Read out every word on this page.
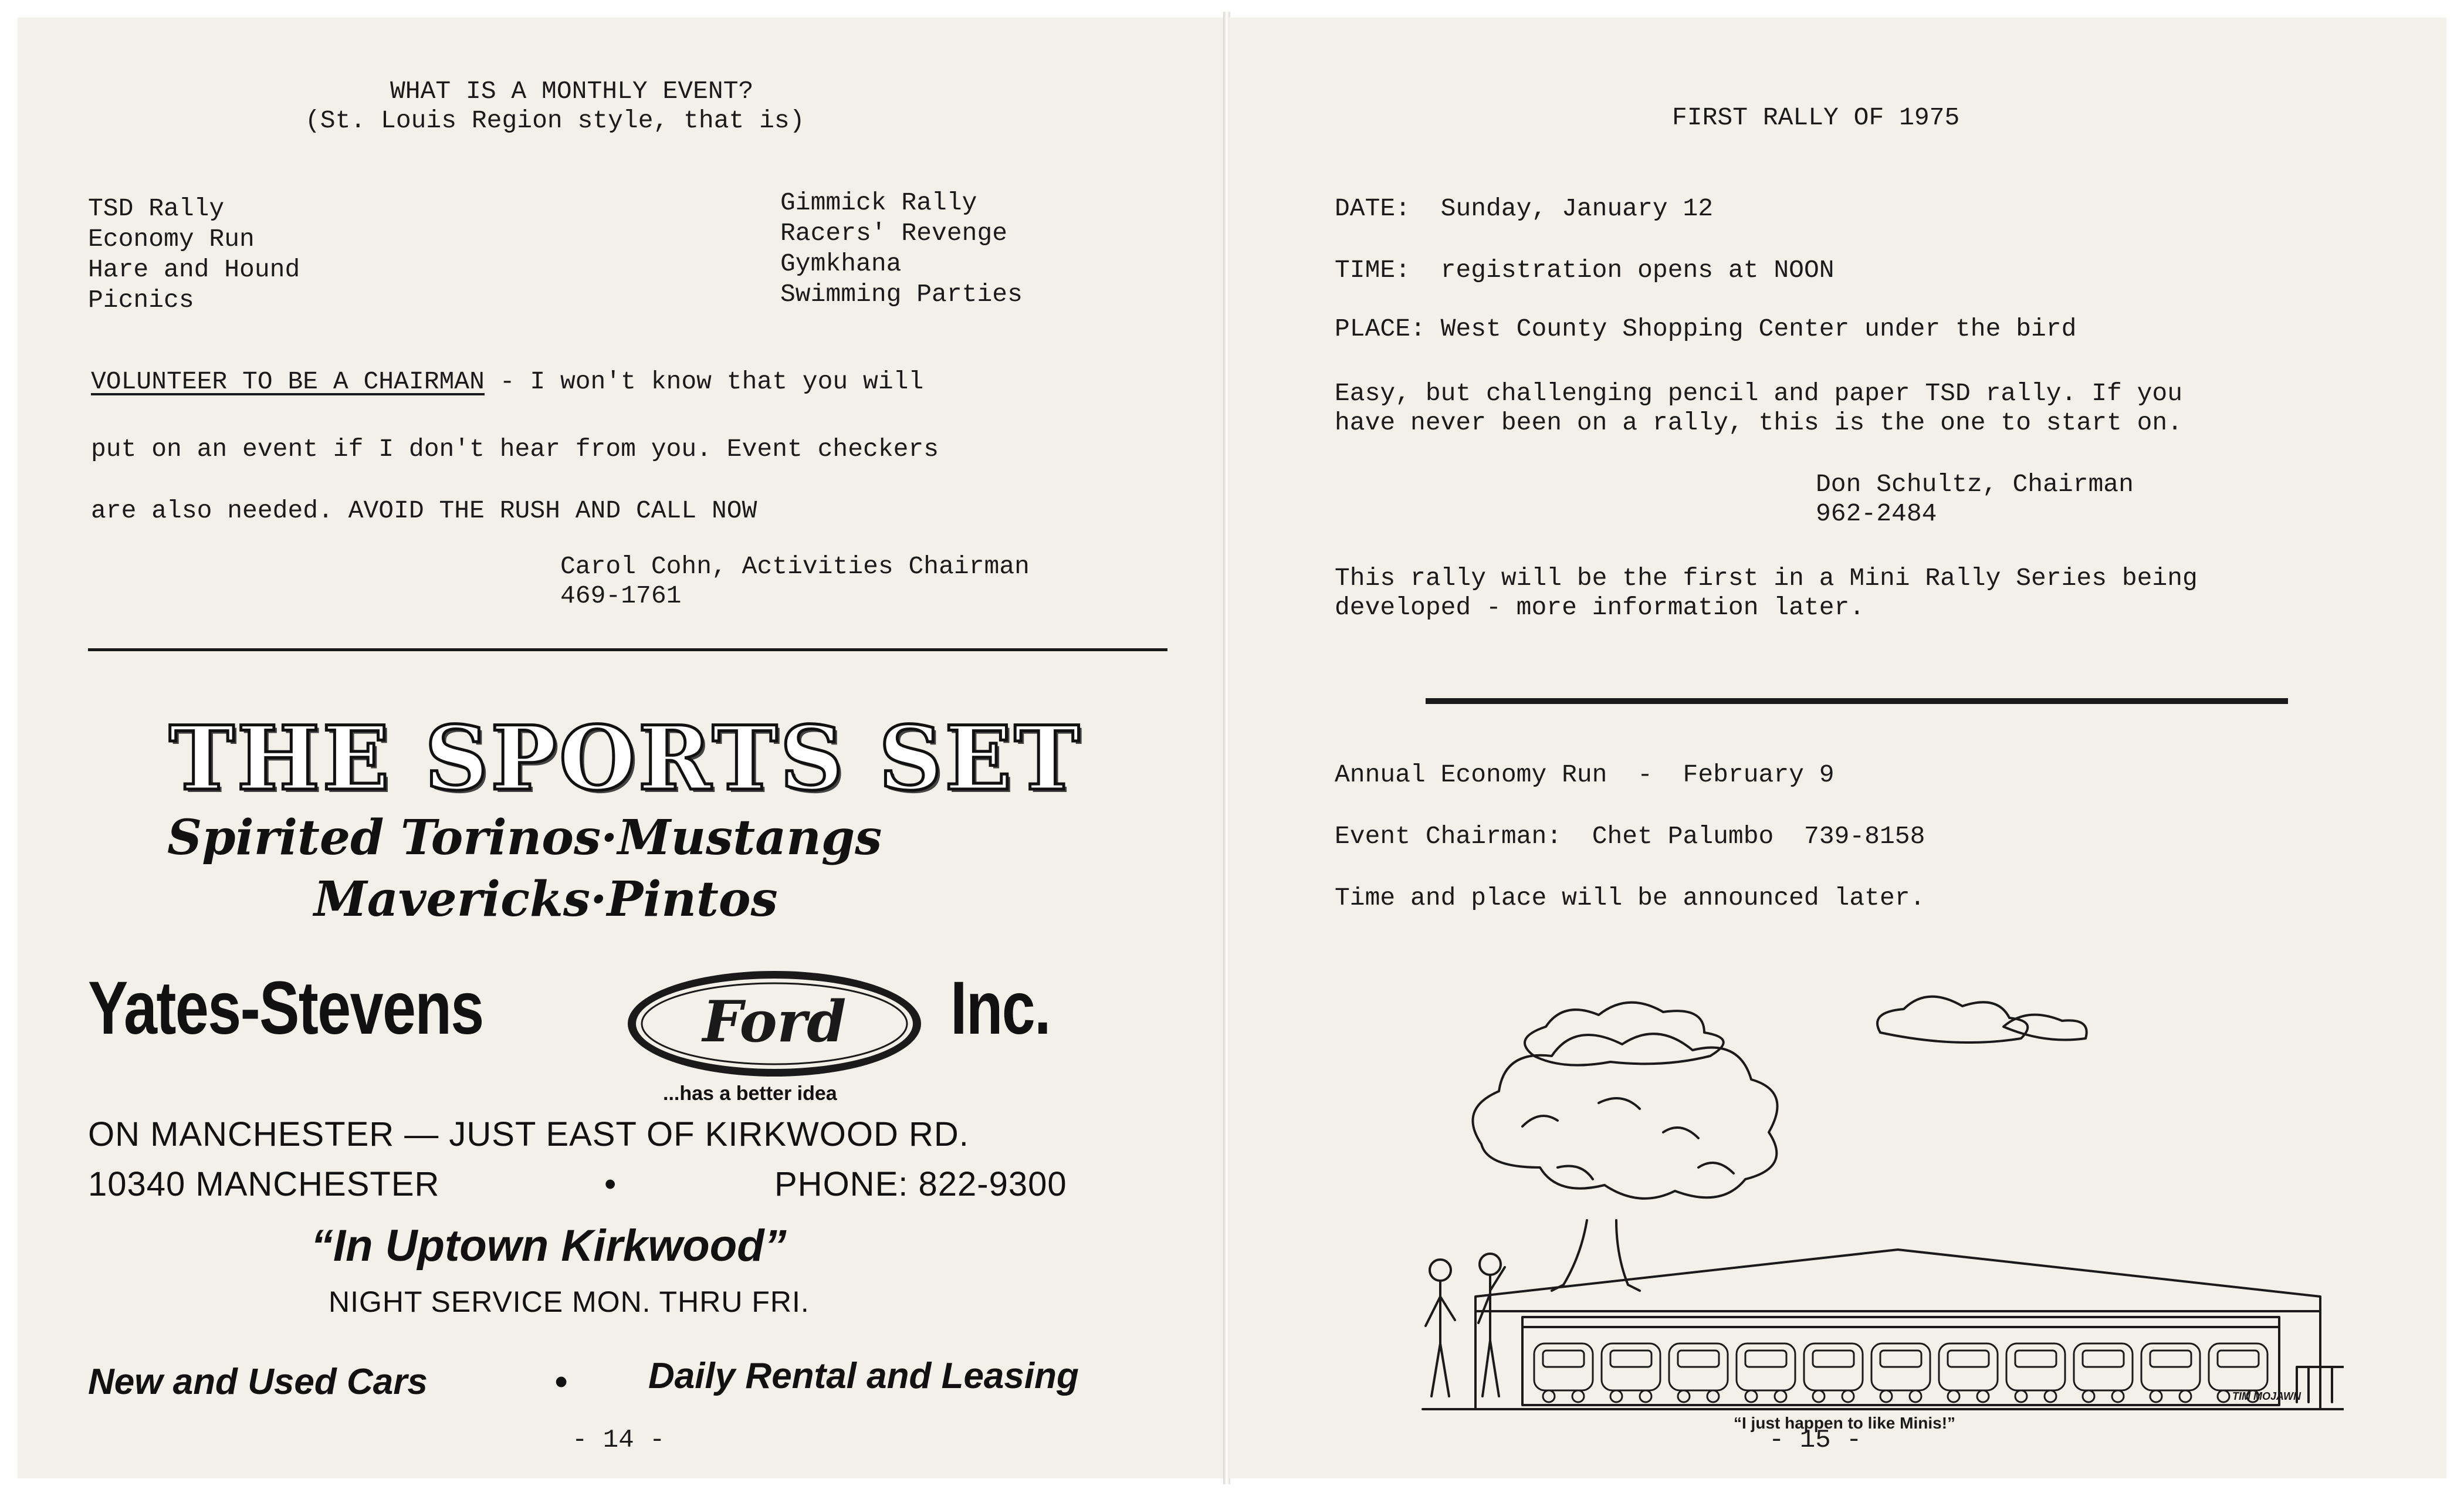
WHAT IS A MONTHLY EVENT?
(St. Louis Region style, that is)
TSD Rally
Economy Run
Hare and Hound
Picnics
Gimmick Rally
Racers' Revenge
Gymkhana
Swimming Parties
VOLUNTEER TO BE A CHAIRMAN - I won't know that you will
put on an event if I don't hear from you. Event checkers
are also needed. AVOID THE RUSH AND CALL NOW
Carol Cohn, Activities Chairman
469-1761
THE SPORTS SET
Spirited Torinos·Mustangs
Mavericks·Pintos
Yates-Stevens	Ford	Inc.
...has a better idea
ON MANCHESTER — JUST EAST OF KIRKWOOD RD.
10340 MANCHESTER	•	PHONE: 822-9300
“In Uptown Kirkwood”
NIGHT SERVICE MON. THRU FRI.
New and Used Cars	• Daily Rental and Leasing
- 14 -
FIRST RALLY OF 1975
DATE: Sunday, January 12
TIME: registration opens at NOON
PLACE: West County Shopping Center under the bird
Easy, but challenging pencil and paper TSD rally. If you
have never been on a rally, this is the one to start on.
Don Schultz, Chairman
962-2484
This rally will be the first in a Mini Rally Series being
developed - more information later.
Annual Economy Run - February 9
Event Chairman: Chet Palumbo 739-8158
Time and place will be announced later.
TIM MOJAWN
“I just happen to like Minis!”
- 15 -
